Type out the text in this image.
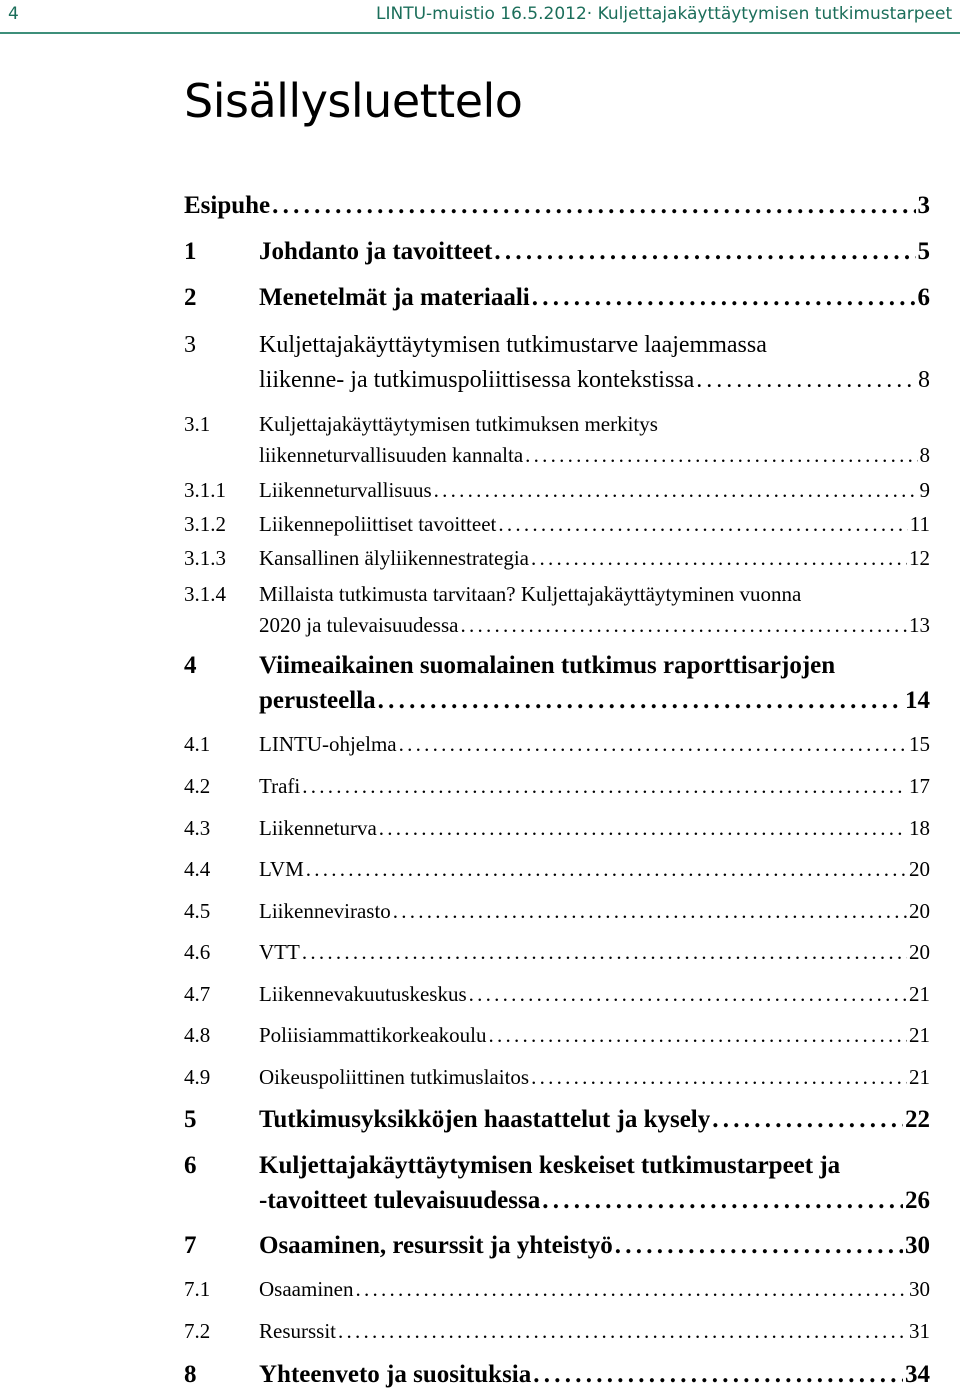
4	LINTU-muistio 16.5.2012· Kuljettajakäyttäytymisen tutkimustarpeet
Sisällysluettelo
Esipuhe . . .	3
1	Johdanto ja tavoitteet . . .	5
2	Menetelmät ja materiaali . . .	6
3	Kuljettajakäyttäytymisen tutkimustarve laajemmassa
liikenne- ja tutkimuspoliittisessa kontekstissa . . .	8
3.1 Kuljettajakäyttäytymisen tutkimuksen merkitys
liikenneturvallisuuden kannalta . . .	8
3.1.1 Liikenneturvallisuus . . .	9
3.1.2 Liikennepoliittiset tavoitteet . . .	11
3.1.3 Kansallinen älyliikennestrategia . . .	12
3.1.4 Millaista tutkimusta tarvitaan? Kuljettajakäyttäytyminen vuonna
2020 ja tulevaisuudessa . . .	13
4	Viimeaikainen suomalainen tutkimus raporttisarjojen
perusteella . . .	14
4.1 LINTU-ohjelma . . .	15
4.2 Trafi . . .	17
4.3 Liikenneturva . . .	18
4.4 LVM . . .	20
4.5 Liikennevirasto . . .	20
4.6 VTT . . .	20
4.7 Liikennevakuutuskeskus . . .	21
4.8 Poliisiammattikorkeakoulu . . .	21
4.9 Oikeuspoliittinen tutkimuslaitos . . .	21
5	Tutkimusyksikköjen haastattelut ja kysely . . .	22
6	Kuljettajakäyttäytymisen keskeiset tutkimustarpeet ja
-tavoitteet tulevaisuudessa . . .	26
7	Osaaminen, resurssit ja yhteistyö . . .	30
7.1 Osaaminen . . .	30
7.2 Resurssit . . .	31
8	Yhteenveto ja suosituksia . . .	34
